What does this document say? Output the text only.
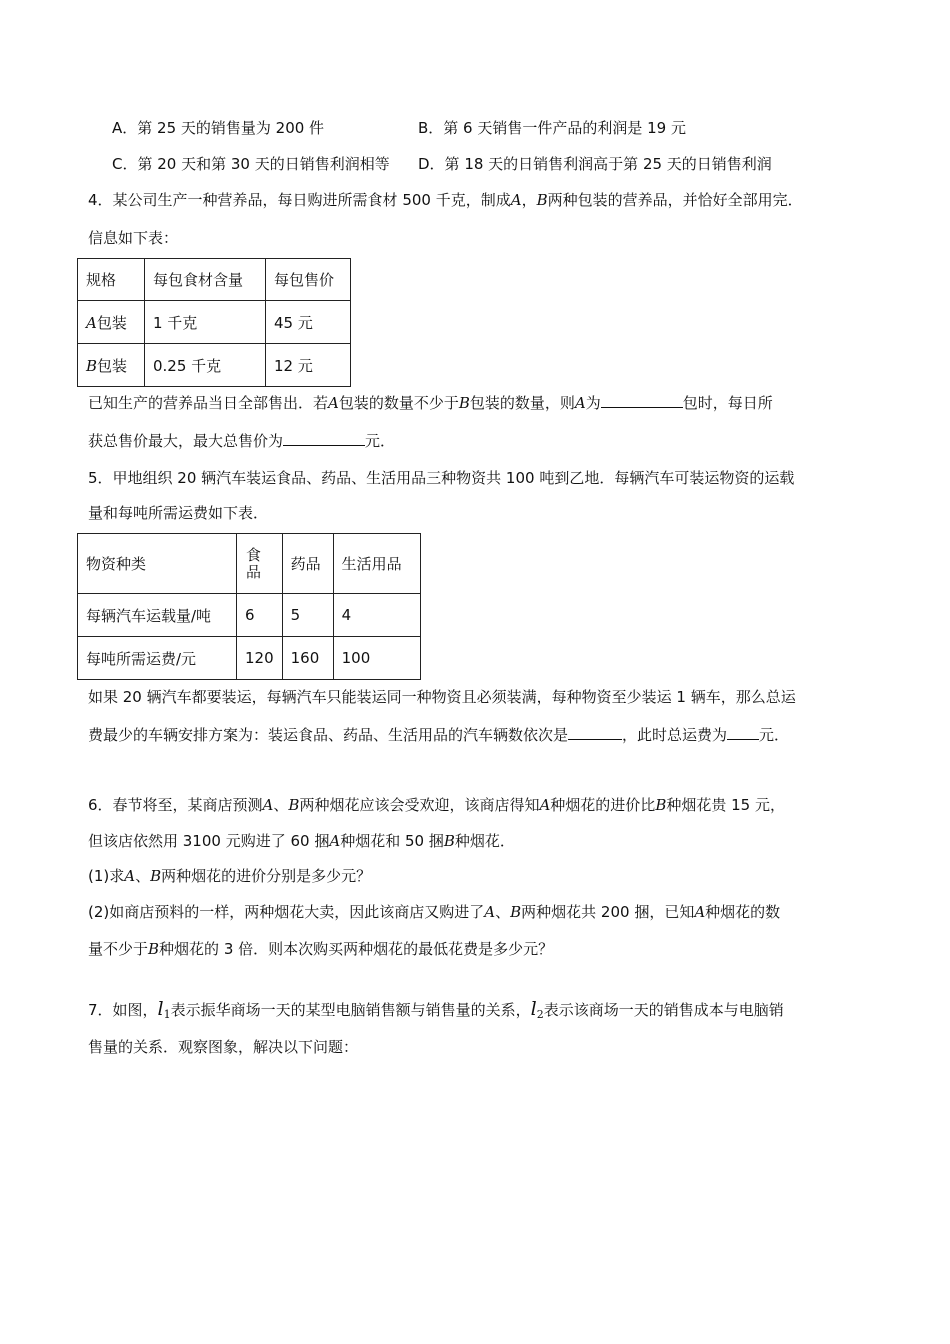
A．第 25 天的销售量为 200 件	B．第 6 天销售一件产品的利润是 19 元
C．第 20 天和第 30 天的日销售利润相等 D．第 18 天的日销售利润高于第 25 天的日销售利润
4．某公司生产一种营养品，每日购进所需食材 500 千克，制成A，B两种包装的营养品，并恰好全部用完．
信息如下表：
规格	每包食材含量	每包售价
A包装	1 千克	45 元
B包装	0.25 千克	12 元
已知生产的营养品当日全部售出．若A包装的数量不少于B包装的数量，则A为	包时，每日所
获总售价最大，最大总售价为	元．
5．甲地组织 20 辆汽车装运食品、药品、生活用品三种物资共 100 吨到乙地．每辆汽车可装运物资的运载
量和每吨所需运费如下表．
物资种类	食品	药品	生活用品
每辆汽车运载量/吨	6	5	4
每吨所需运费/元	120	160	100
如果 20 辆汽车都要装运，每辆汽车只能装运同一种物资且必须装满，每种物资至少装运 1 辆车，那么总运
费最少的车辆安排方案为：装运食品、药品、生活用品的汽车辆数依次是	，此时总运费为 元．
6．春节将至，某商店预测A、B两种烟花应该会受欢迎，该商店得知A种烟花的进价比B种烟花贵 15 元，
但该店依然用 3100 元购进了 60 捆A种烟花和 50 捆B种烟花．
(1)求A、B两种烟花的进价分别是多少元？
(2)如商店预料的一样，两种烟花大卖，因此该商店又购进了A、B两种烟花共 200 捆，已知A种烟花的数
量不少于B种烟花的 3 倍．则本次购买两种烟花的最低花费是多少元？
7．如图，$l_1$表示振华商场一天的某型电脑销售额与销售量的关系，$l_2$表示该商场一天的销售成本与电脑销
售量的关系．观察图象，解决以下问题：
